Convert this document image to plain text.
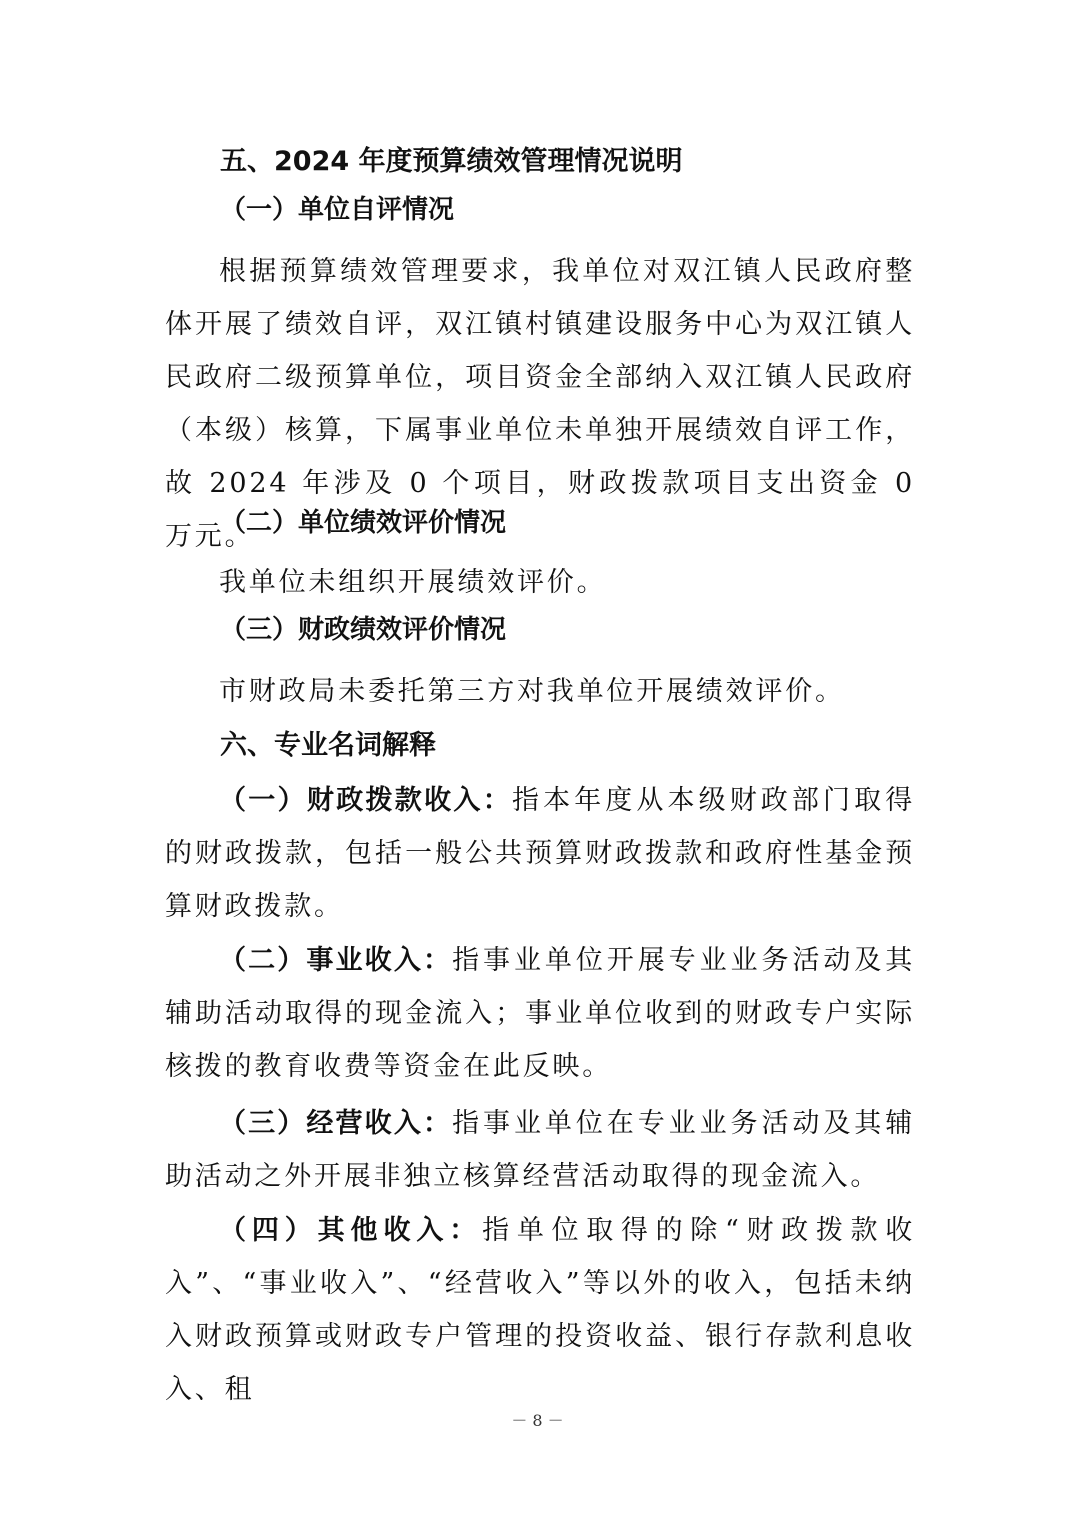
五、2024 年度预算绩效管理情况说明
（一）单位自评情况
根据预算绩效管理要求，我单位对双江镇人民政府整体开展了绩效自评，双江镇村镇建设服务中心为双江镇人民政府二级预算单位，项目资金全部纳入双江镇人民政府（本级）核算，下属事业单位未单独开展绩效自评工作，故 2024 年涉及 0 个项目，财政拨款项目支出资金 0 万元。
（二）单位绩效评价情况
我单位未组织开展绩效评价。
（三）财政绩效评价情况
市财政局未委托第三方对我单位开展绩效评价。
六、专业名词解释
（一）财政拨款收入：指本年度从本级财政部门取得的财政拨款，包括一般公共预算财政拨款和政府性基金预算财政拨款。
（二）事业收入：指事业单位开展专业业务活动及其辅助活动取得的现金流入；事业单位收到的财政专户实际核拨的教育收费等资金在此反映。
（三）经营收入：指事业单位在专业业务活动及其辅助活动之外开展非独立核算经营活动取得的现金流入。
（四）其他收入：指单位取得的除“财政拨款收入”、“事业收入”、“经营收入”等以外的收入，包括未纳入财政预算或财政专户管理的投资收益、银行存款利息收入、租
－ 8 －
